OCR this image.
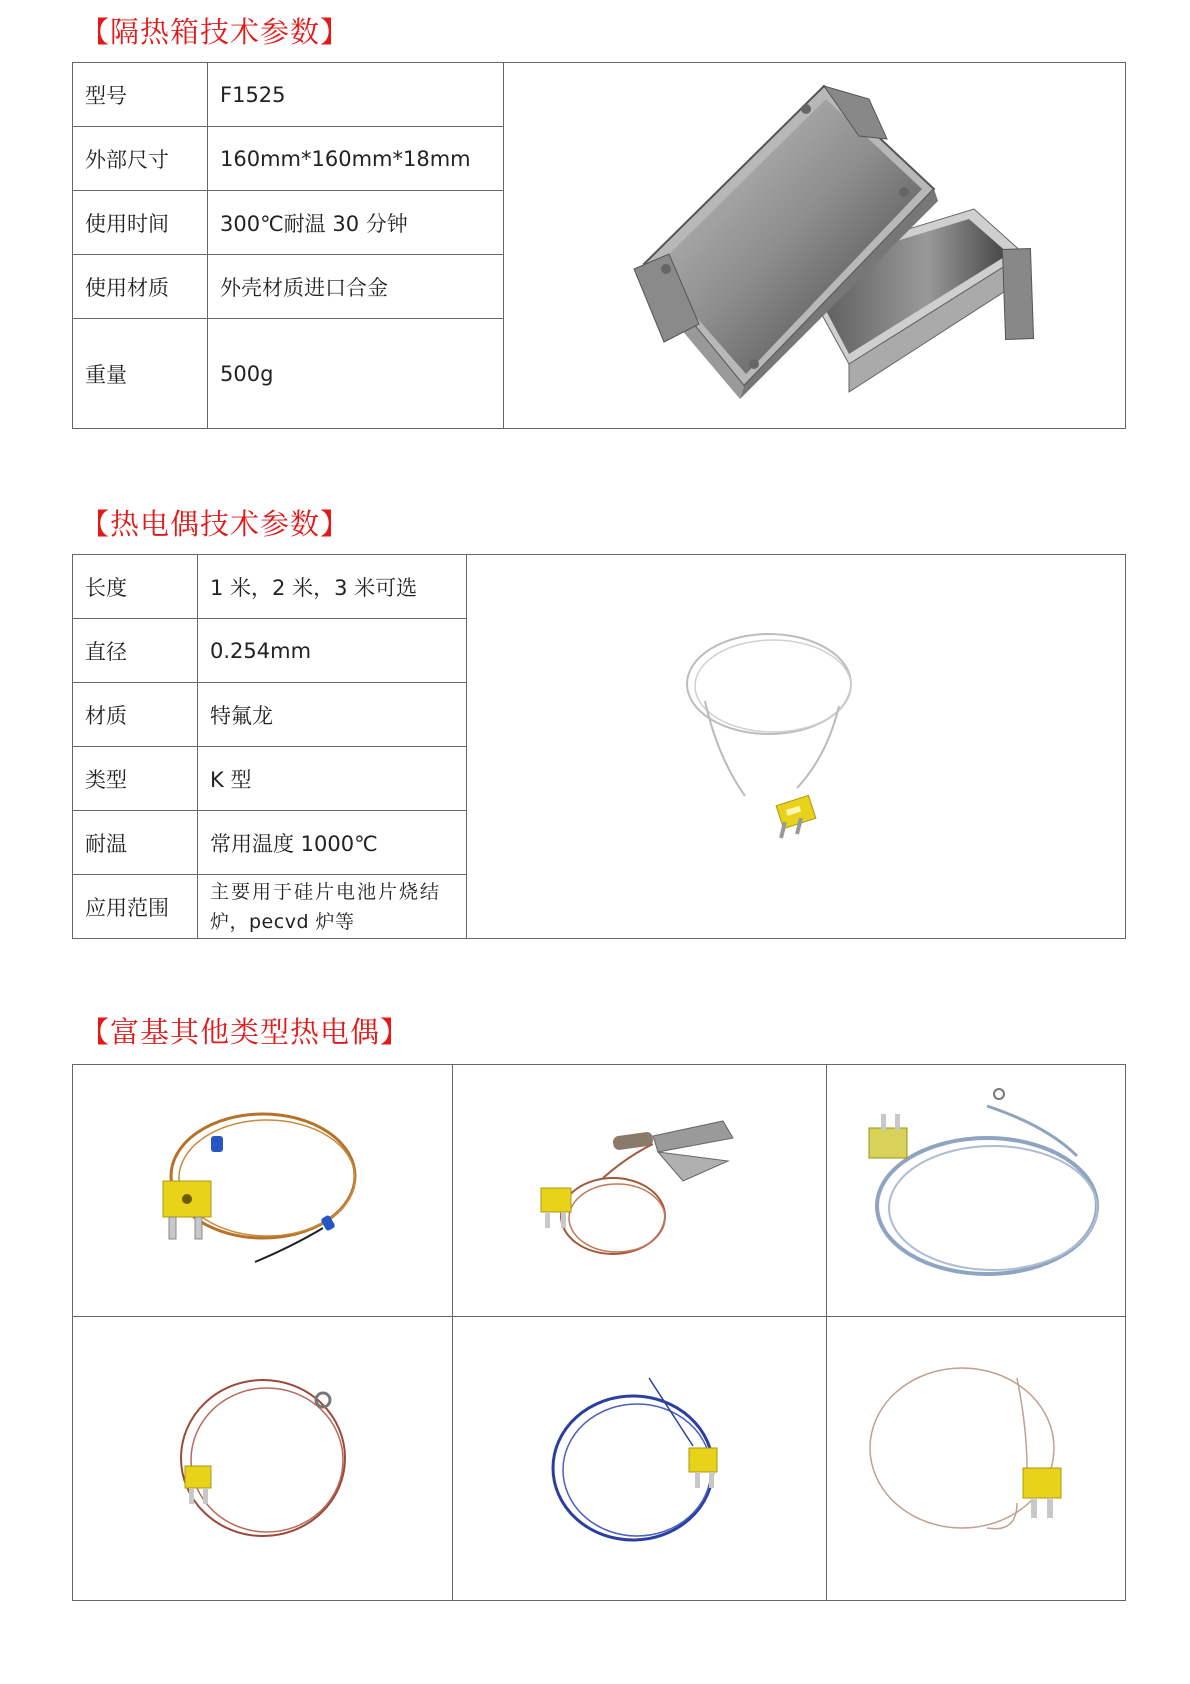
【隔热箱技术参数】
型号	F1525	

外部尺寸	160mm*160mm*18mm	
使用时间	300℃耐温 30 分钟	
使用材质	外壳材质进口合金	
重量	500g	
【热电偶技术参数】
长度	1 米，2 米，3 米可选	

直径	0.254mm	
材质	特氟龙	
类型	K 型	
耐温	常用温度 1000℃	
应用范围	主要用于硅片电池片烧结
炉，pecvd 炉等	
【富基其他类型热电偶】
